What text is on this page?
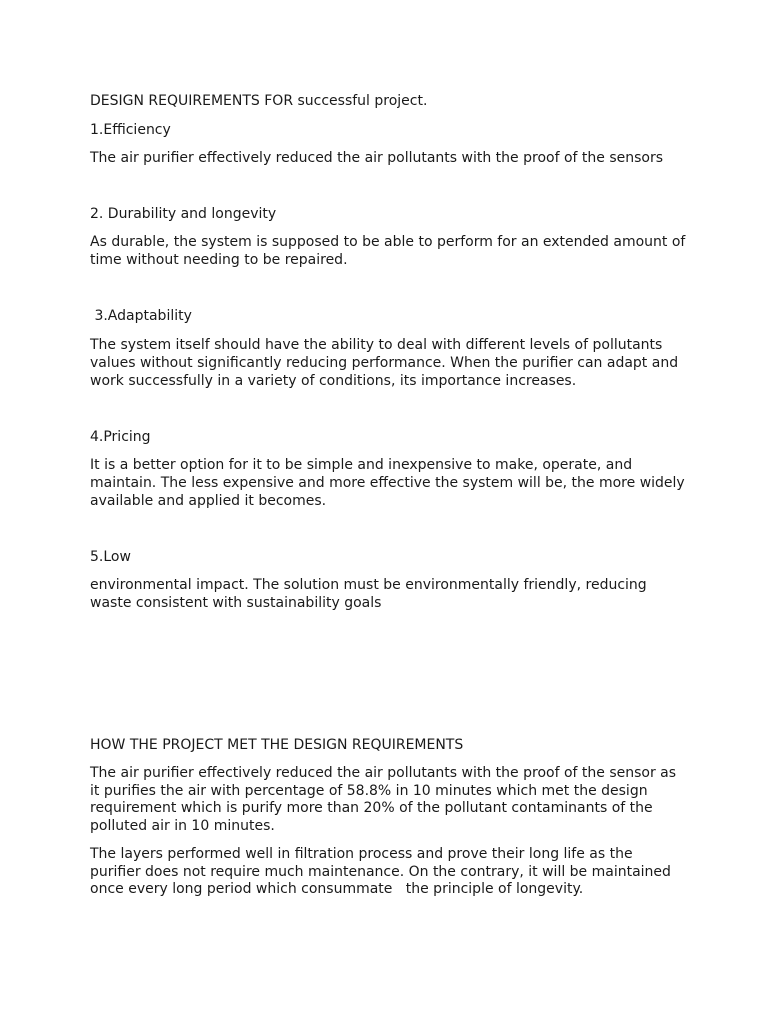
DESIGN REQUIREMENTS FOR successful project.

1.Efficiency

The air purifier effectively reduced the air pollutants with the proof of the sensors

2. Durability and longevity

As durable, the system is supposed to be able to perform for an extended amount of

time without needing to be repaired.

3.Adaptability

The system itself should have the ability to deal with different levels of pollutants

values without significantly reducing performance. When the purifier can adapt and

work successfully in a variety of conditions, its importance increases.

4.Pricing

It is a better option for it to be simple and inexpensive to make, operate, and

maintain. The less expensive and more effective the system will be, the more widely

available and applied it becomes.

5.Low

environmental impact. The solution must be environmentally friendly, reducing

waste consistent with sustainability goals

HOW THE PROJECT MET THE DESIGN REQUIREMENTS

The air purifier effectively reduced the air pollutants with the proof of the sensor as

it purifies the air with percentage of 58.8% in 10 minutes which met the design

requirement which is purify more than 20% of the pollutant contaminants of the

polluted air in 10 minutes.

The layers performed well in filtration process and prove their long life as the

purifier does not require much maintenance. On the contrary, it will be maintained

once every long period which consummate   the principle of longevity.
